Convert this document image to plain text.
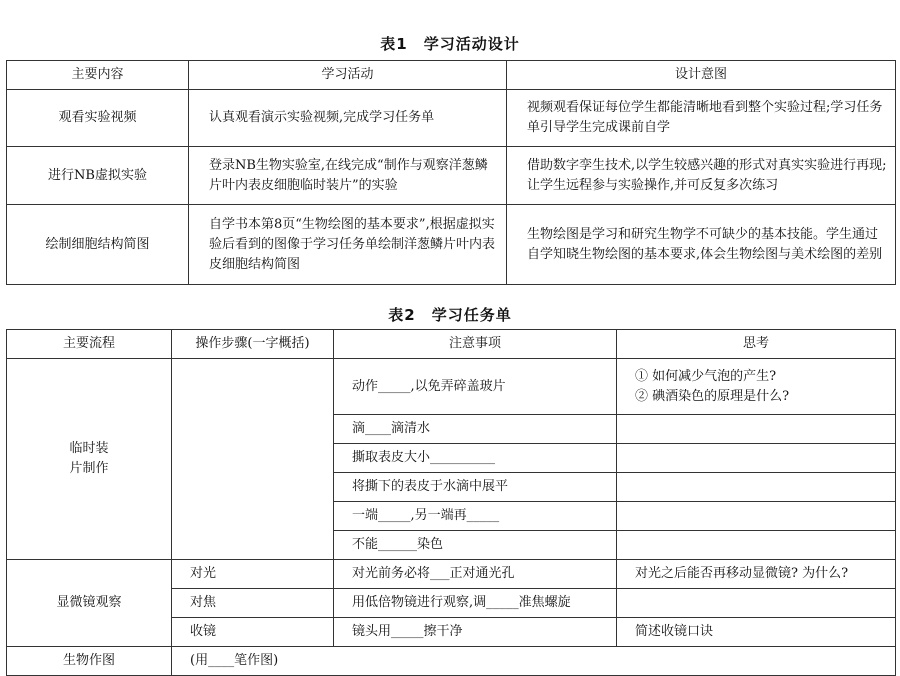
表1　学习活动设计
主要内容	学习活动	设计意图
观看实验视频	认真观看演示实验视频,完成学习任务单	视频观看保证每位学生都能清晰地看到整个实验过程;学习任务单引导学生完成课前自学
进行NB虚拟实验	登录NB生物实验室,在线完成“制作与观察洋葱鳞片叶内表皮细胞临时装片”的实验	借助数字孪生技术,以学生较感兴趣的形式对真实实验进行再现;让学生远程参与实验操作,并可反复多次练习
绘制细胞结构简图	自学书本第8页“生物绘图的基本要求”,根据虚拟实验后看到的图像于学习任务单绘制洋葱鳞片叶内表皮细胞结构简图	生物绘图是学习和研究生物学不可缺少的基本技能。学生通过自学知晓生物绘图的基本要求,体会生物绘图与美术绘图的差别
表2　学习任务单
主要流程	操作步骤(一字概括)	注意事项	思考
临时装片制作		动作_____,以免弄碎盖玻片	① 如何减少气泡的产生?
② 碘酒染色的原理是什么?

		滴____滴清水	
		撕取表皮大小__________	
		将撕下的表皮于水滴中展平	
		一端_____,另一端再_____	
		不能______染色	
显微镜观察	对光	对光前务必将___正对通光孔	对光之后能否再移动显微镜? 为什么?
	对焦	用低倍物镜进行观察,调_____准焦螺旋	
	收镜	镜头用_____擦干净	简述收镜口诀
生物作图	(用____笔作图)		
